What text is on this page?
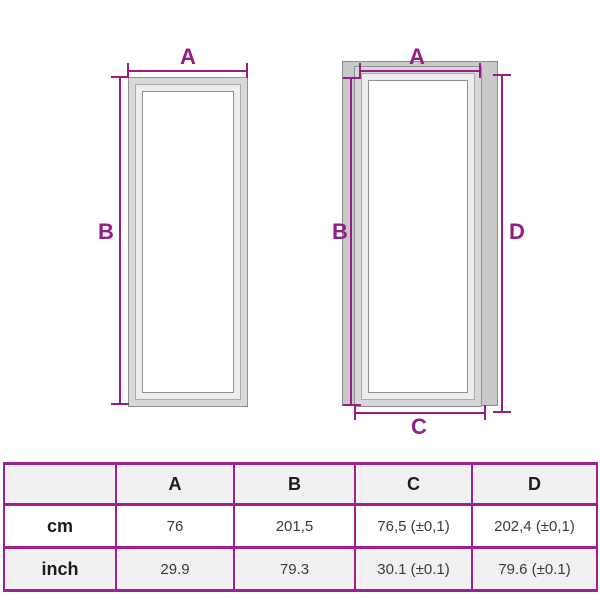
A
B
A
B	D
C
	A	B	C	D
cm	76	201,5	76,5 (±0,1)	202,4 (±0,1)
inch	29.9	79.3	30.1 (±0.1)	79.6 (±0.1)
